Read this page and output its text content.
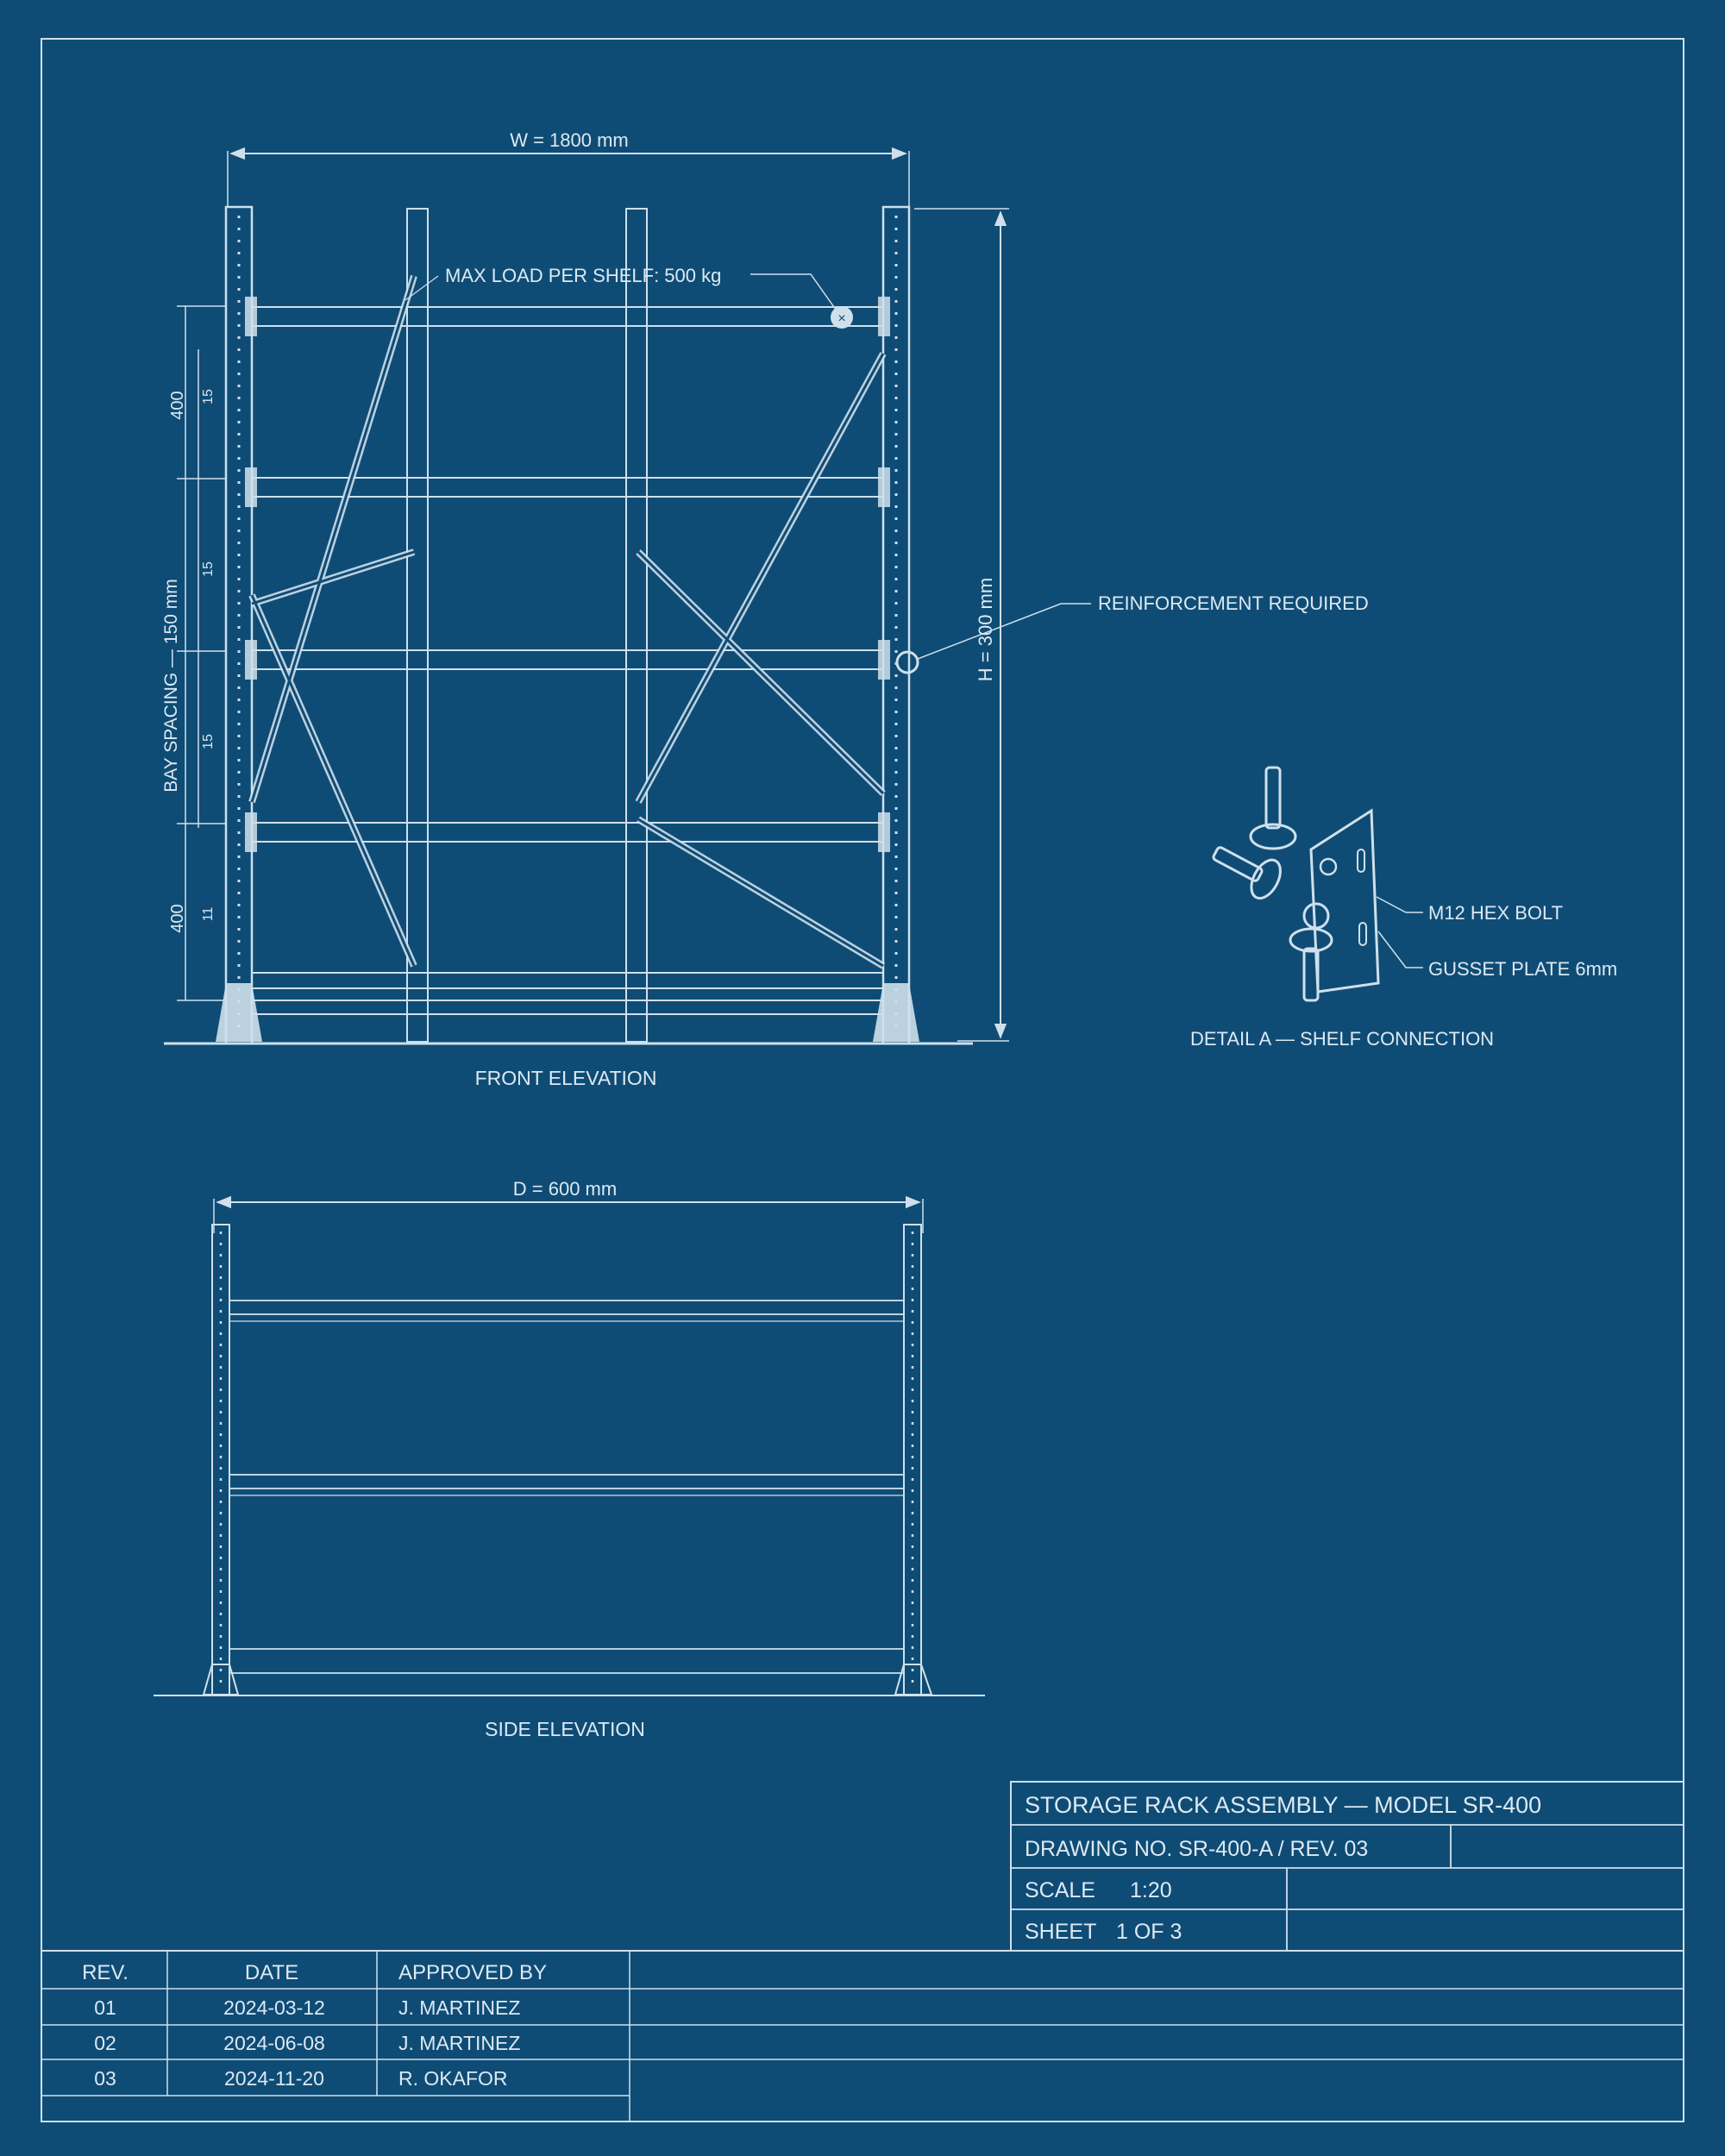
W = 1800 mm
H = 300 mm
400 15
15
15
400 11
BAY SPACING — 150 mm
×
MAX LOAD PER SHELF: 500 kg
REINFORCEMENT REQUIRED
FRONT ELEVATION
M12 HEX BOLT
GUSSET PLATE 6mm
DETAIL A — SHELF CONNECTION
D = 600 mm
SIDE ELEVATION
STORAGE RACK ASSEMBLY — MODEL SR-400
DRAWING NO. SR-400-A / REV. 03
SCALE 1:20
SHEET 1 OF 3
REV.	DATE	APPROVED BY
01	2024-03-12	J. MARTINEZ
02	2024-06-08	J. MARTINEZ
03	2024-11-20	R. OKAFOR
